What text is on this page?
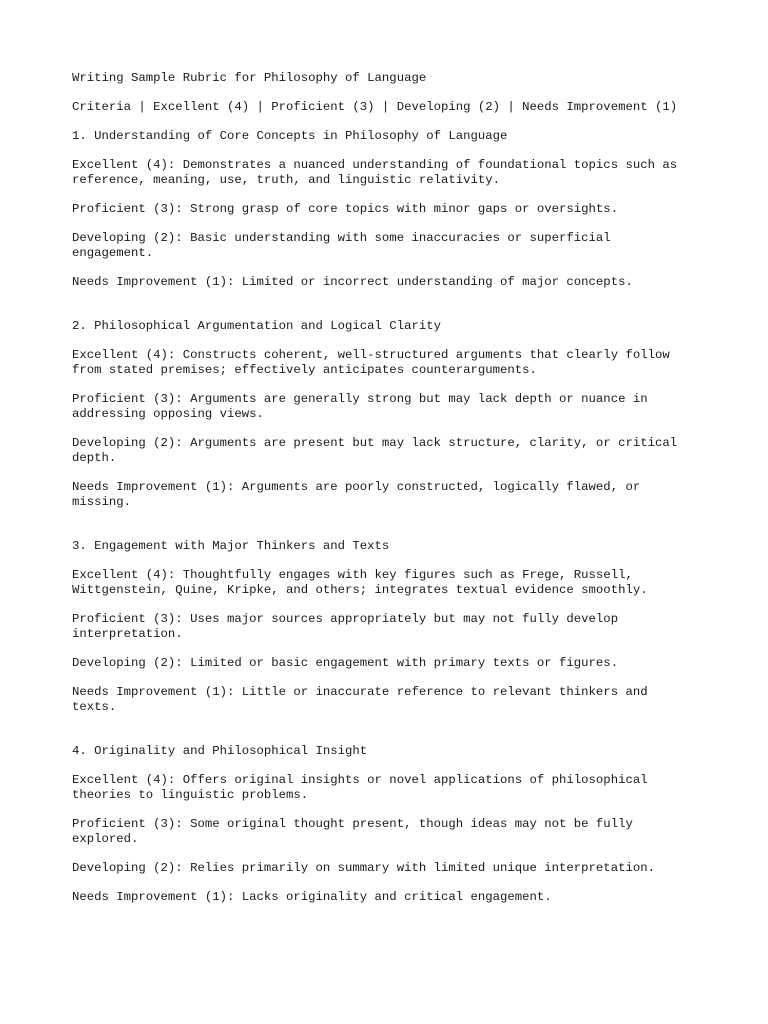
Writing Sample Rubric for Philosophy of Language

Criteria | Excellent (4) | Proficient (3) | Developing (2) | Needs Improvement (1)

1. Understanding of Core Concepts in Philosophy of Language

Excellent (4): Demonstrates a nuanced understanding of foundational topics such as
reference, meaning, use, truth, and linguistic relativity.

Proficient (3): Strong grasp of core topics with minor gaps or oversights.

Developing (2): Basic understanding with some inaccuracies or superficial
engagement.

Needs Improvement (1): Limited or incorrect understanding of major concepts.

2. Philosophical Argumentation and Logical Clarity

Excellent (4): Constructs coherent, well-structured arguments that clearly follow
from stated premises; effectively anticipates counterarguments.

Proficient (3): Arguments are generally strong but may lack depth or nuance in
addressing opposing views.

Developing (2): Arguments are present but may lack structure, clarity, or critical
depth.

Needs Improvement (1): Arguments are poorly constructed, logically flawed, or
missing.

3. Engagement with Major Thinkers and Texts

Excellent (4): Thoughtfully engages with key figures such as Frege, Russell,
Wittgenstein, Quine, Kripke, and others; integrates textual evidence smoothly.

Proficient (3): Uses major sources appropriately but may not fully develop
interpretation.

Developing (2): Limited or basic engagement with primary texts or figures.

Needs Improvement (1): Little or inaccurate reference to relevant thinkers and
texts.

4. Originality and Philosophical Insight

Excellent (4): Offers original insights or novel applications of philosophical
theories to linguistic problems.

Proficient (3): Some original thought present, though ideas may not be fully
explored.

Developing (2): Relies primarily on summary with limited unique interpretation.

Needs Improvement (1): Lacks originality and critical engagement.
